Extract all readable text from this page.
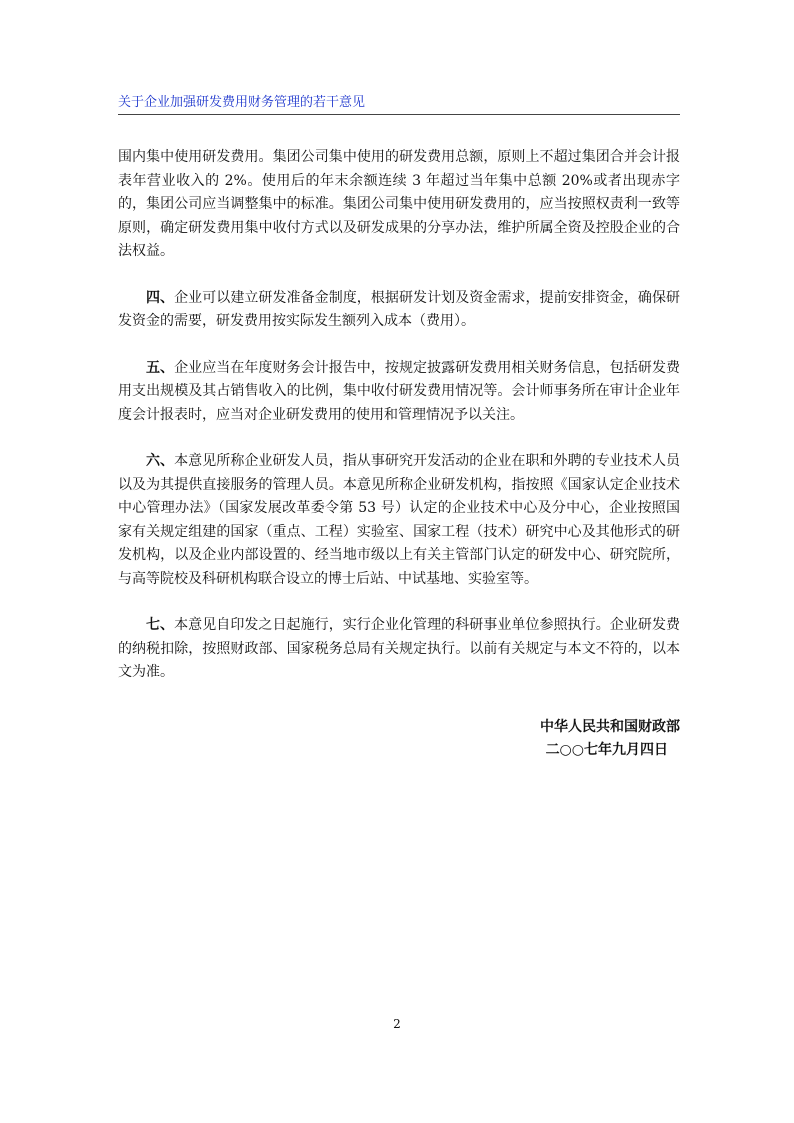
关于企业加强研发费用财务管理的若干意见

围内集中使用研发费用。集团公司集中使用的研发费用总额，原则上不超过集团合并会计报表年营业收入的 2%。使用后的年末余额连续 3 年超过当年集中总额 20%或者出现赤字的，集团公司应当调整集中的标准。集团公司集中使用研发费用的，应当按照权责利一致等原则，确定研发费用集中收付方式以及研发成果的分享办法，维护所属全资及控股企业的合法权益。

四、企业可以建立研发准备金制度，根据研发计划及资金需求，提前安排资金，确保研发资金的需要，研发费用按实际发生额列入成本（费用）。

五、企业应当在年度财务会计报告中，按规定披露研发费用相关财务信息，包括研发费用支出规模及其占销售收入的比例，集中收付研发费用情况等。会计师事务所在审计企业年度会计报表时，应当对企业研发费用的使用和管理情况予以关注。

六、本意见所称企业研发人员，指从事研究开发活动的企业在职和外聘的专业技术人员以及为其提供直接服务的管理人员。本意见所称企业研发机构，指按照《国家认定企业技术中心管理办法》（国家发展改革委令第 53 号）认定的企业技术中心及分中心，企业按照国家有关规定组建的国家（重点、工程）实验室、国家工程（技术）研究中心及其他形式的研发机构，以及企业内部设置的、经当地市级以上有关主管部门认定的研发中心、研究院所，与高等院校及科研机构联合设立的博士后站、中试基地、实验室等。

七、本意见自印发之日起施行，实行企业化管理的科研事业单位参照执行。企业研发费的纳税扣除，按照财政部、国家税务总局有关规定执行。以前有关规定与本文不符的，以本文为准。

中华人民共和国财政部
二○○七年九月四日
2
